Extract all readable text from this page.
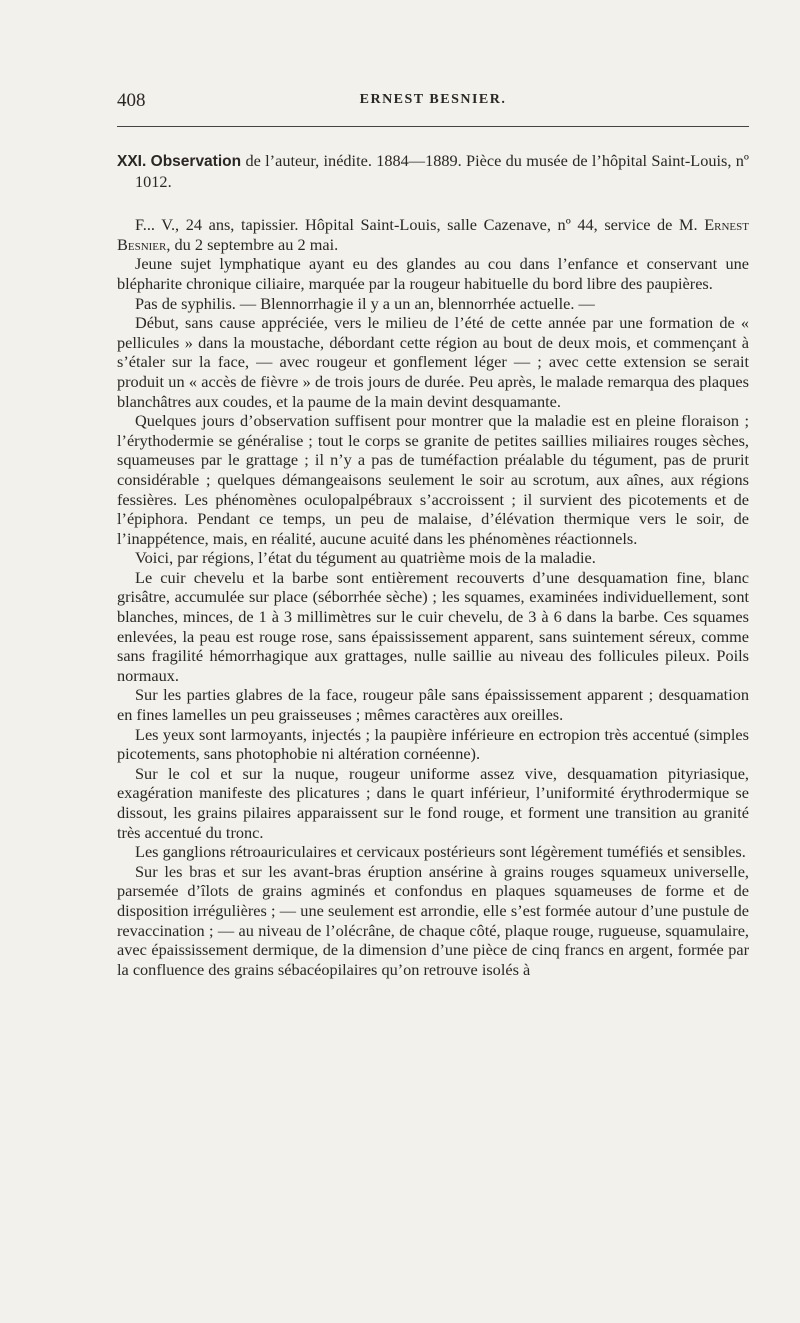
408	ERNEST BESNIER.

XXI. Observation de l’auteur, inédite. 1884—1889. Pièce du musée de l’hôpital Saint-Louis, nº 1012.

F... V., 24 ans, tapissier. Hôpital Saint-Louis, salle Cazenave, nº 44, service de M. Ernest Besnier, du 2 septembre au 2 mai.

Jeune sujet lymphatique ayant eu des glandes au cou dans l’enfance et conservant une blépharite chronique ciliaire, marquée par la rougeur habituelle du bord libre des paupières.

Pas de syphilis. — Blennorrhagie il y a un an, blennorrhée actuelle. —

Début, sans cause appréciée, vers le milieu de l’été de cette année par une formation de « pellicules » dans la moustache, débordant cette région au bout de deux mois, et commençant à s’étaler sur la face, — avec rougeur et gonflement léger — ; avec cette extension se serait produit un « accès de fièvre » de trois jours de durée. Peu après, le malade remarqua des plaques blanchâtres aux coudes, et la paume de la main devint desquamante.

Quelques jours d’observation suffisent pour montrer que la maladie est en pleine floraison ; l’érythodermie se généralise ; tout le corps se granite de petites saillies miliaires rouges sèches, squameuses par le grattage ; il n’y a pas de tuméfaction préalable du tégument, pas de prurit considérable ; quelques démangeaisons seulement le soir au scrotum, aux aînes, aux régions fessières. Les phénomènes oculopalpébraux s’accroissent ; il survient des picotements et de l’épiphora. Pendant ce temps, un peu de malaise, d’élévation thermique vers le soir, de l’inappétence, mais, en réalité, aucune acuité dans les phénomènes réactionnels.

Voici, par régions, l’état du tégument au quatrième mois de la maladie.

Le cuir chevelu et la barbe sont entièrement recouverts d’une desquamation fine, blanc grisâtre, accumulée sur place (séborrhée sèche) ; les squames, examinées individuellement, sont blanches, minces, de 1 à 3 millimètres sur le cuir chevelu, de 3 à 6 dans la barbe. Ces squames enlevées, la peau est rouge rose, sans épaississement apparent, sans suintement séreux, comme sans fragilité hémorrhagique aux grattages, nulle saillie au niveau des follicules pileux. Poils normaux.

Sur les parties glabres de la face, rougeur pâle sans épaississement apparent ; desquamation en fines lamelles un peu graisseuses ; mêmes caractères aux oreilles.

Les yeux sont larmoyants, injectés ; la paupière inférieure en ectropion très accentué (simples picotements, sans photophobie ni altération cornéenne).

Sur le col et sur la nuque, rougeur uniforme assez vive, desquamation pityriasique, exagération manifeste des plicatures ; dans le quart inférieur, l’uniformité érythrodermique se dissout, les grains pilaires apparaissent sur le fond rouge, et forment une transition au granité très accentué du tronc.

Les ganglions rétroauriculaires et cervicaux postérieurs sont légèrement tuméfiés et sensibles.

Sur les bras et sur les avant-bras éruption ansérine à grains rouges squameux universelle, parsemée d’îlots de grains agminés et confondus en plaques squameuses de forme et de disposition irrégulières ; — une seulement est arrondie, elle s’est formée autour d’une pustule de revaccination ; — au niveau de l’olécrâne, de chaque côté, plaque rouge, rugueuse, squamulaire, avec épaississement dermique, de la dimension d’une pièce de cinq francs en argent, formée par la confluence des grains sébacéopilaires qu’on retrouve isolés à
